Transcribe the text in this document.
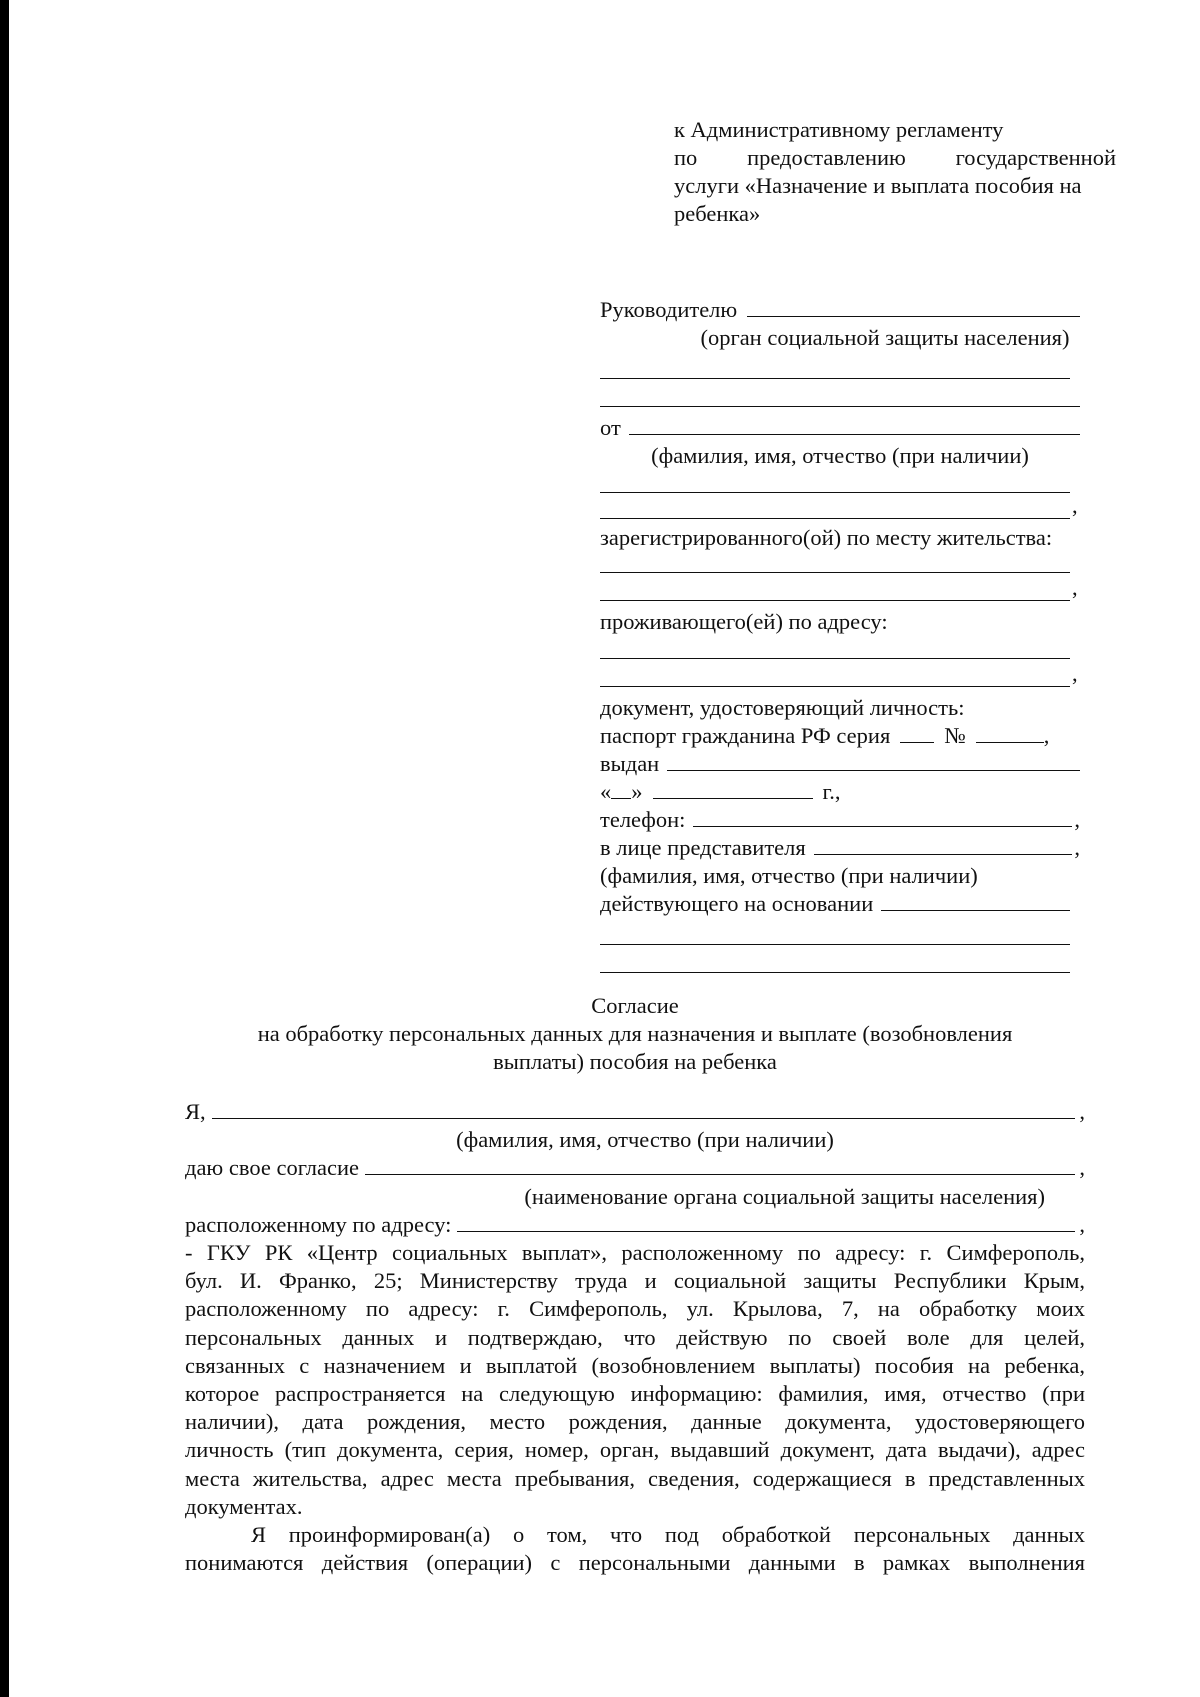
к Административному регламенту
по предоставлению государственной
услуги «Назначение и выплата пособия на
ребенка»
Руководителю
(орган социальной защиты населения)
от
(фамилия, имя, отчество (при наличии)
,
зарегистрированного(ой) по месту жительства:
,
проживающего(ей) по адресу:
,
документ, удостоверяющий личность:
паспорт гражданина РФ серия №	,
выдан
« »	г.,
телефон:	,
в лице представителя	,
(фамилия, имя, отчество (при наличии)
действующего на основании
Согласие
на обработку персональных данных для назначения и выплате (возобновления
выплаты) пособия на ребенка
Я,	,
(фамилия, имя, отчество (при наличии)
даю свое согласие	,
(наименование органа социальной защиты населения)
расположенному по адресу:	,
- ГКУ РК «Центр социальных выплат», расположенному по адресу: г. Симферополь,
бул. И. Франко, 25; Министерству труда и социальной защиты Республики Крым,
расположенному по адресу: г. Симферополь, ул. Крылова, 7, на обработку моих
персональных данных и подтверждаю, что действую по своей воле для целей,
связанных с назначением и выплатой (возобновлением выплаты) пособия на ребенка,
которое распространяется на следующую информацию: фамилия, имя, отчество (при
наличии), дата рождения, место рождения, данные документа, удостоверяющего
личность (тип документа, серия, номер, орган, выдавший документ, дата выдачи), адрес
места жительства, адрес места пребывания, сведения, содержащиеся в представленных
документах.
Я проинформирован(а) о том, что под обработкой персональных данных
понимаются действия (операции) с персональными данными в рамках выполнения
